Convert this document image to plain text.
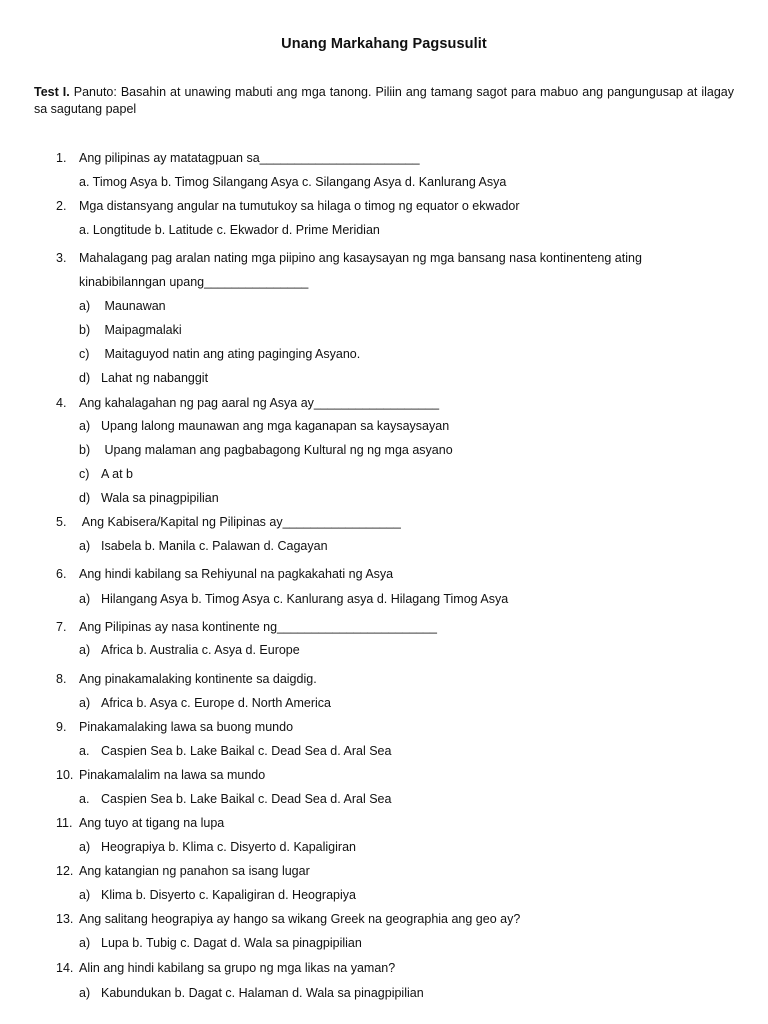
Unang Markahang Pagsusulit
Test I. Panuto: Basahin at unawing mabuti ang mga tanong. Piliin ang tamang sagot para mabuo ang pangungusap at ilagay sa sagutang papel
1. Ang pilipinas ay matatagpuan sa_______________________
a. Timog Asya b. Timog Silangang Asya c. Silangang Asya d. Kanlurang Asya
2. Mga distansyang angular na tumutukoy sa hilaga o timog ng equator o ekwador
a. Longtitude b. Latitude c. Ekwador d. Prime Meridian
3. Mahalagang pag aralan nating mga piipino ang kasaysayan ng mga bansang nasa kontinenteng ating
kinabibilanngan upang_______________
a) Maunawan
b) Maipagmalaki
c) Maitaguyod natin ang ating paginging Asyano.
d) Lahat ng nabanggit
4. Ang kahalagahan ng pag aaral ng Asya ay__________________
a) Upang lalong maunawan ang mga kaganapan sa kaysaysayan
b) Upang malaman ang pagbabagong Kultural ng ng mga asyano
c) A at b
d) Wala sa pinagpipilian
5. Ang Kabisera/Kapital ng Pilipinas ay_________________
a) Isabela b. Manila c. Palawan d. Cagayan
6. Ang hindi kabilang sa Rehiyunal na pagkakahati ng Asya
a) Hilangang Asya b. Timog Asya c. Kanlurang asya d. Hilagang Timog Asya
7. Ang Pilipinas ay nasa kontinente ng_______________________
a) Africa b. Australia c. Asya d. Europe
8. Ang pinakamalaking kontinente sa daigdig.
a) Africa b. Asya c. Europe d. North America
9. Pinakamalaking lawa sa buong mundo
a. Caspien Sea b. Lake Baikal c. Dead Sea d. Aral Sea
10. Pinakamalalim na lawa sa mundo
a. Caspien Sea b. Lake Baikal c. Dead Sea d. Aral Sea
11. Ang tuyo at tigang na lupa
a) Heograpiya b. Klima c. Disyerto d. Kapaligiran
12. Ang katangian ng panahon sa isang lugar
a) Klima b. Disyerto c. Kapaligiran d. Heograpiya
13. Ang salitang heograpiya ay hango sa wikang Greek na geographia ang geo ay?
a) Lupa b. Tubig c. Dagat d. Wala sa pinagpipilian
14. Alin ang hindi kabilang sa grupo ng mga likas na yaman?
a) Kabundukan b. Dagat c. Halaman d. Wala sa pinagpipilian
